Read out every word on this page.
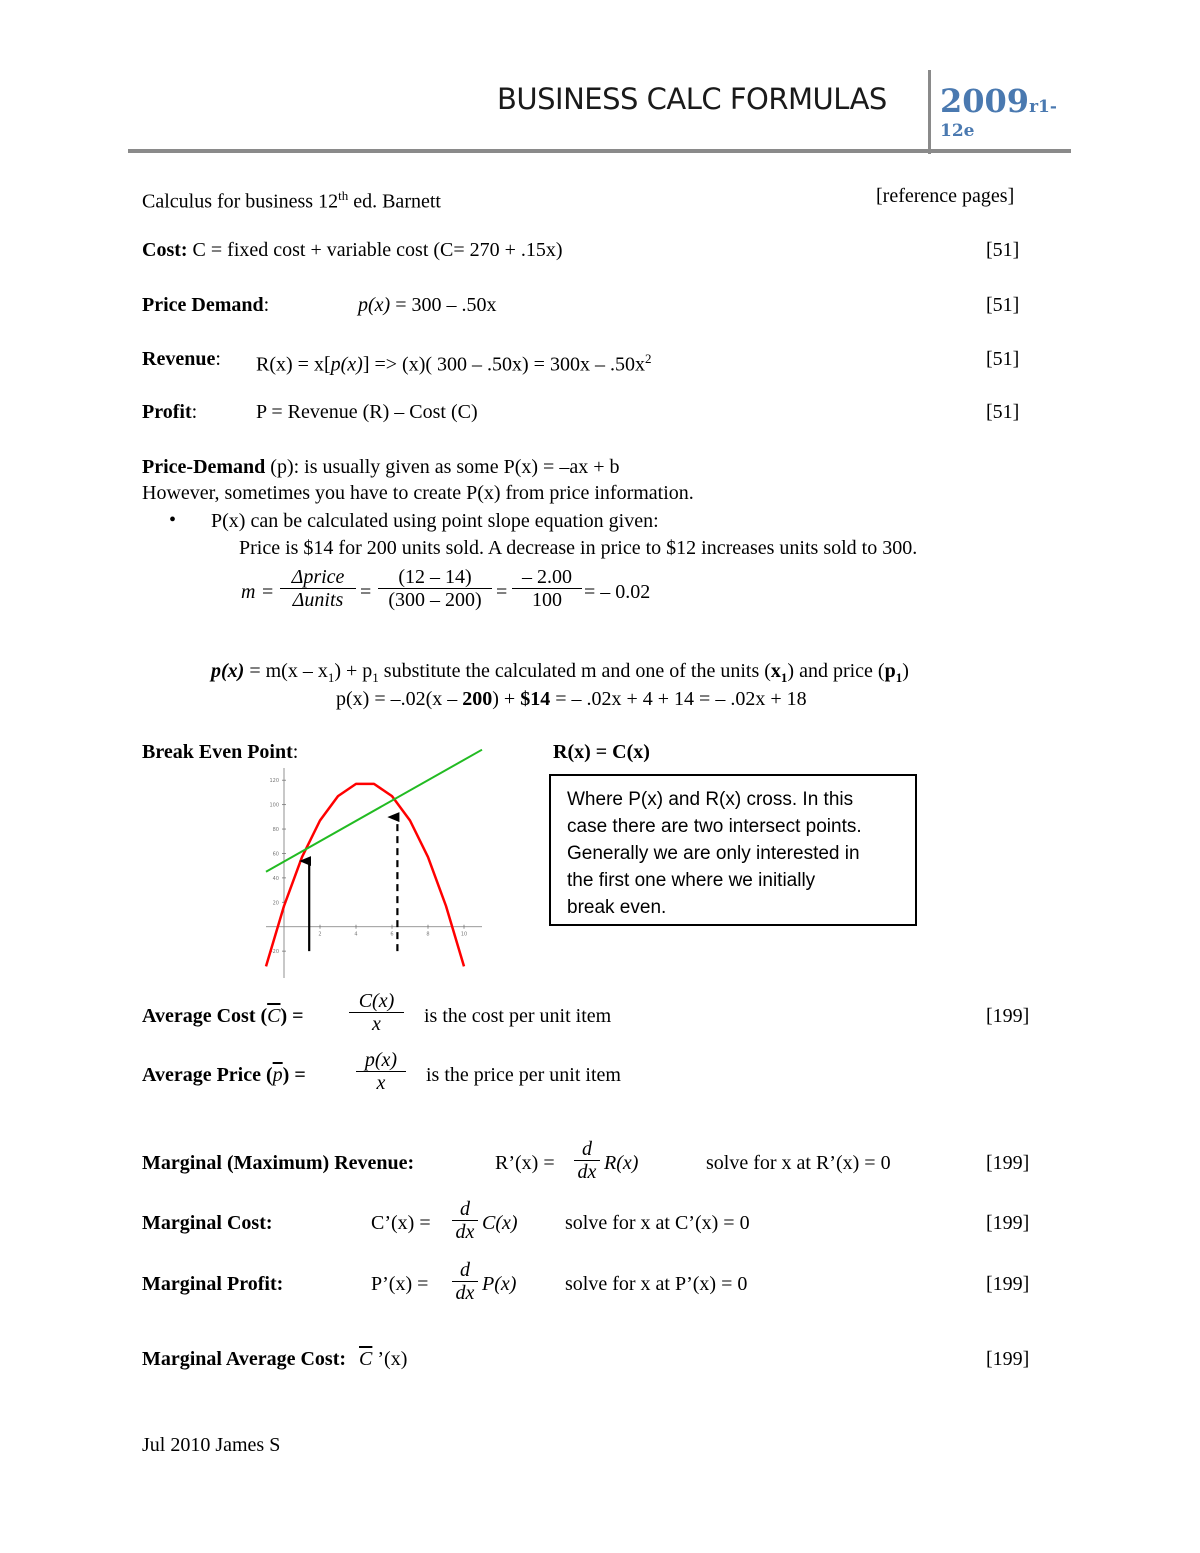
BUSINESS CALC FORMULAS 2009r1-
12e
Calculus for business 12th ed. Barnett	[reference pages]
Cost: C = fixed cost + variable cost (C= 270 + .15x)	[51]
Price Demand:	p(x) = 300 – .50x	[51]
Revenue: R(x) = x[p(x)] => (x)( $300 - .50x) = 300x - .50x^2$	[51]
Profit:	P = Revenue (R) – Cost (C)	[51]
Price-Demand (p): is usually given as some P(x) = –ax + b
However, sometimes you have to create P(x) from price information.
• P(x) can be calculated using point slope equation given:
Price is $14 for 200 units sold. A decrease in price to $12 increases units sold to 300.
m =
Δprice
Δunits = $\frac{(12 - 14)}{(300 - 200)} = \frac{- 2.00}{100}$ = – 0.02
$p(x) = m(x - x_1) + p_1$ substitute the calculated m and one of the units $(x_1)$ and price $(p_1)$
p(x) = –.02(x – 200) + $14 = – .02x + 4 + 14 = – .02x + 18
Break Even Point:	R(x) = C(x)
2	4	6	8	10
-20
20
40
60
80
100
120

Where P(x) and R(x) cross. In this

case there are two intersect points.

Generally we are only interested in

the first one where we initially

break even.

Average Cost $(\overline{C}) = \frac{C(x)}{x}$ is the cost per unit item	[199]
Average Price $(\overline{p})$ =	$\frac{p(x)}{x}$ is the price per unit item
Marginal (Maximum) Revenue:	R’(x) = $\frac{d}{dx} R(x)$	solve for x at R’(x) = 0	[199]
Marginal Cost:	C’(x) = $\frac{d}{dx} C(x)$ solve for x at C’(x) = 0	[199]
Marginal Profit:	P’(x) = $\frac{d}{dx} P(x)$ solve for x at P’(x) = 0	[199]
Marginal Average Cost: $\overline{C}$ ’(x)	[199]
Jul 2010 James S
